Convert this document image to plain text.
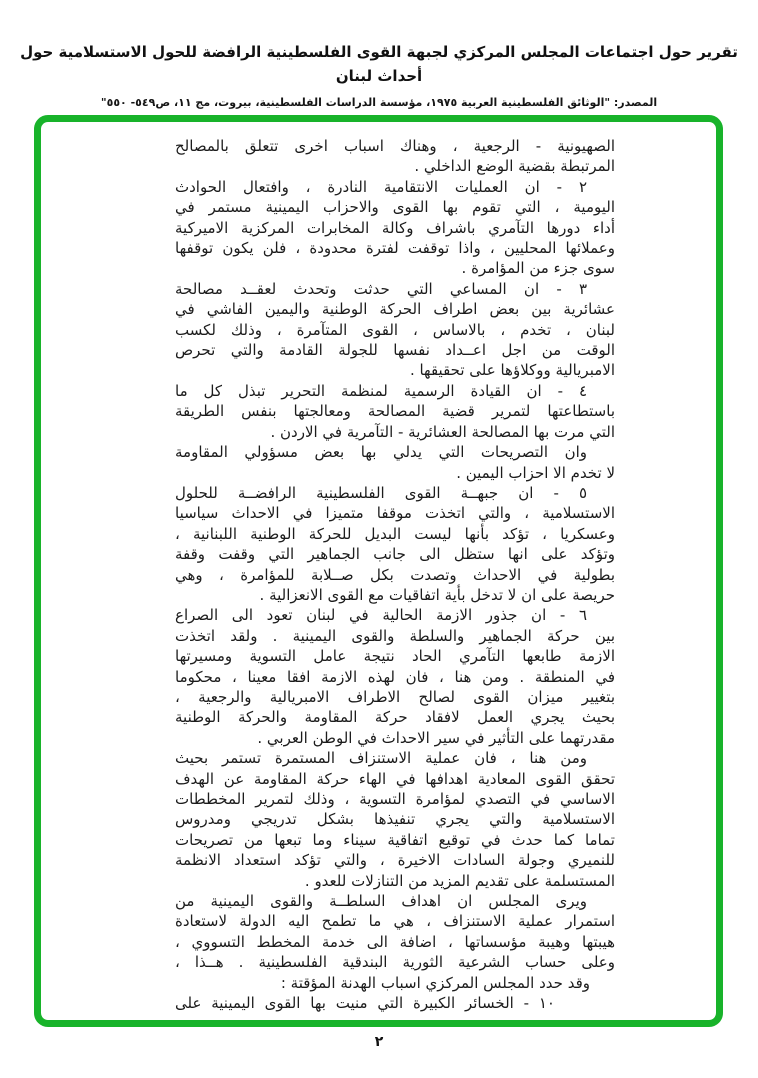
تقرير حول اجتماعات المجلس المركزي لجبهة القوى الفلسطينية الرافضة للحول الاستسلامية حول أحداث لبنان
المصدر: "الوثائق الفلسطينية العربية ١٩٧٥، مؤسسة الدراسات الفلسطينية، بيروت، مج ١١، ص٥٤٩- ٥٥٠"
الصهيونية - الرجعية ، وهناك اسباب اخرى تتعلق بالمصالح
المرتبطة بقضية الوضع الداخلي .
٢ - ان العمليات الانتقامية النادرة ، وافتعال الحوادث
اليومية ، التي تقوم بها القوى والاحزاب اليمينية مستمر في
أداء دورها التآمري باشراف وكالة المخابرات المركزية الاميركية
وعملائها المحليين ، واذا توقفت لفترة محدودة ، فلن يكون توقفها
سوى جزء من المؤامرة .
٣ - ان المساعي التي حدثت وتحدث لعقــد مصالحة
عشائرية بين بعض اطراف الحركة الوطنية واليمين الفاشي في
لبنان ، تخدم ، بالاساس ، القوى المتآمرة ، وذلك لكسب
الوقت من اجل اعــداد نفسها للجولة القادمة والتي تحرص
الامبريالية ووكلاؤها على تحقيقها .
٤ - ان القيادة الرسمية لمنظمة التحرير تبذل كل ما
باستطاعتها لتمرير قضية المصالحة ومعالجتها بنفس الطريقة
التي مرت بها المصالحة العشائرية - التآمرية في الاردن .
وان التصريحات التي يدلي بها بعض مسؤولي المقاومة
لا تخدم الا احزاب اليمين .
٥ - ان جبهــة القوى الفلسطينية الرافضــة للحلول
الاستسلامية ، والتي اتخذت موقفا متميزا في الاحداث سياسيا
وعسكريا ، تؤكد بأنها ليست البديل للحركة الوطنية اللبنانية ،
وتؤكد على انها ستظل الى جانب الجماهير التي وقفت وقفة
بطولية في الاحداث وتصدت بكل صــلابة للمؤامرة ، وهي
حريصة على ان لا تدخل بأية اتفاقيات مع القوى الانعزالية .
٦ - ان جذور الازمة الحالية في لبنان تعود الى الصراع
بين حركة الجماهير والسلطة والقوى اليمينية . ولقد اتخذت
الازمة طابعها التآمري الحاد نتيجة عامل التسوية ومسيرتها
في المنطقة . ومن هنا ، فان لهذه الازمة افقا معينا ، محكوما
بتغيير ميزان القوى لصالح الاطراف الامبريالية والرجعية ،
بحيث يجري العمل لافقاد حركة المقاومة والحركة الوطنية
مقدرتهما على التأثير في سير الاحداث في الوطن العربي .
ومن هنا ، فان عملية الاستنزاف المستمرة تستمر بحيث
تحقق القوى المعادية اهدافها في الهاء حركة المقاومة عن الهدف
الاساسي في التصدي لمؤامرة التسوية ، وذلك لتمرير المخططات
الاستسلامية والتي يجري تنفيذها بشكل تدريجي ومدروس
تماما كما حدث في توقيع اتفاقية سيناء وما تبعها من تصريحات
للنميري وجولة السادات الاخيرة ، والتي تؤكد استعداد الانظمة
المستسلمة على تقديم المزيد من التنازلات للعدو .
ويرى المجلس ان اهداف السلطــة والقوى اليمينية من
استمرار عملية الاستنزاف ، هي ما تطمح اليه الدولة لاستعادة
هيبتها وهيبة مؤسساتها ، اضافة الى خدمة المخطط التسووي ،
وعلى حساب الشرعية الثورية البندقية الفلسطينية . هــذا ،
وقد حدد المجلس المركزي اسباب الهدنة المؤقتة :
١٠ - الخسائر الكبيرة التي منيت بها القوى اليمينية على
٢
